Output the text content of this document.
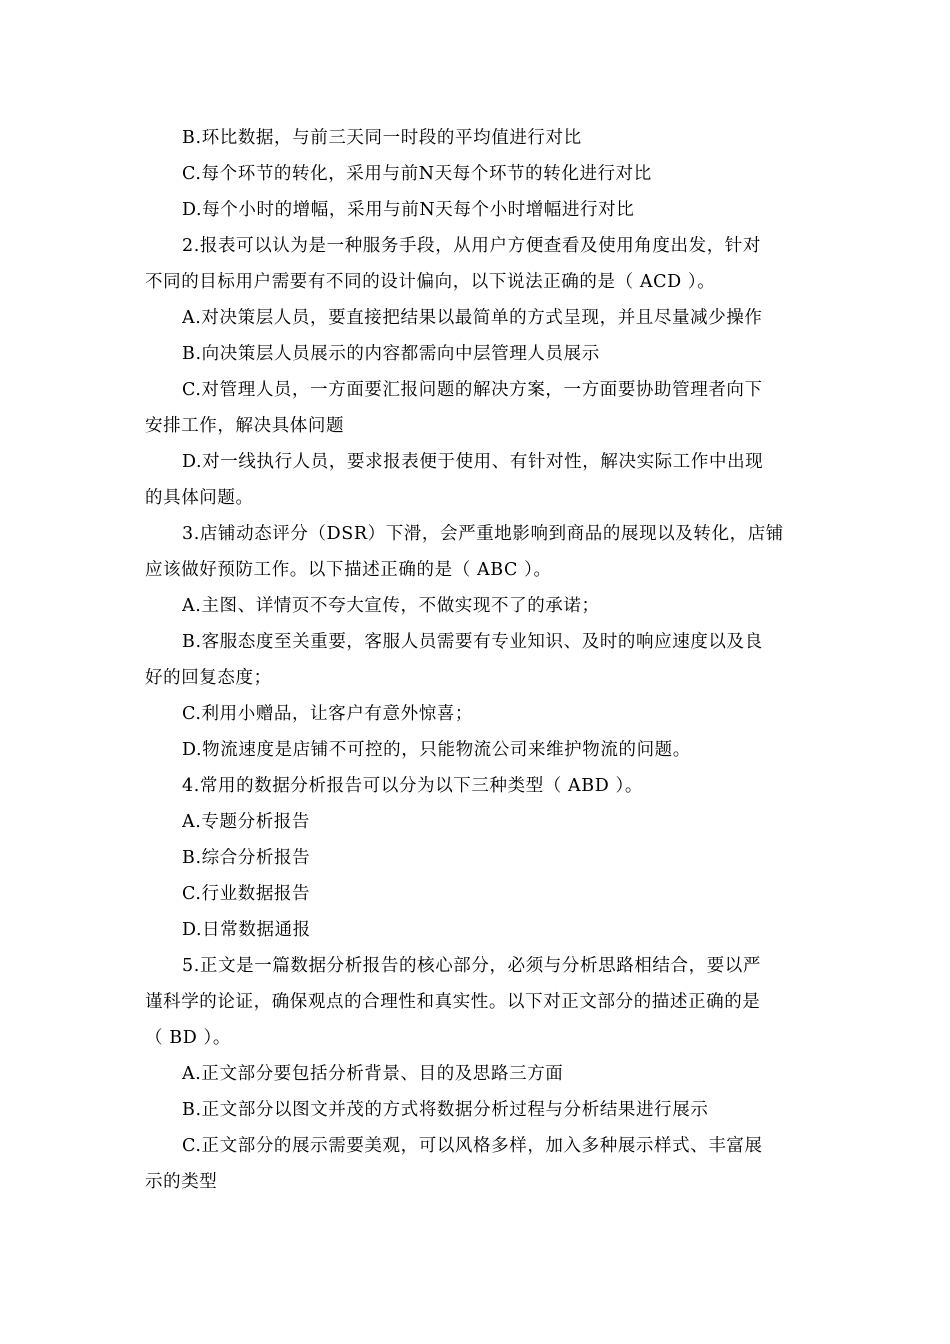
B.环比数据，与前三天同一时段的平均值进行对比
C.每个环节的转化，采用与前N天每个环节的转化进行对比
D.每个小时的增幅，采用与前N天每个小时增幅进行对比
2.报表可以认为是一种服务手段，从用户方便查看及使用角度出发，针对
不同的目标用户需要有不同的设计偏向，以下说法正确的是（ ACD ）。
A.对决策层人员，要直接把结果以最简单的方式呈现，并且尽量减少操作
B.向决策层人员展示的内容都需向中层管理人员展示
C.对管理人员，一方面要汇报问题的解决方案，一方面要协助管理者向下
安排工作，解决具体问题
D.对一线执行人员，要求报表便于使用、有针对性，解决实际工作中出现
的具体问题。
3.店铺动态评分（DSR）下滑，会严重地影响到商品的展现以及转化，店铺
应该做好预防工作。以下描述正确的是（ ABC ）。
A.主图、详情页不夸大宣传，不做实现不了的承诺；
B.客服态度至关重要，客服人员需要有专业知识、及时的响应速度以及良
好的回复态度；
C.利用小赠品，让客户有意外惊喜；
D.物流速度是店铺不可控的，只能物流公司来维护物流的问题。
4.常用的数据分析报告可以分为以下三种类型（ ABD ）。
A.专题分析报告
B.综合分析报告
C.行业数据报告
D.日常数据通报
5.正文是一篇数据分析报告的核心部分，必须与分析思路相结合，要以严
谨科学的论证，确保观点的合理性和真实性。以下对正文部分的描述正确的是
（ BD ）。
A.正文部分要包括分析背景、目的及思路三方面
B.正文部分以图文并茂的方式将数据分析过程与分析结果进行展示
C.正文部分的展示需要美观，可以风格多样，加入多种展示样式、丰富展
示的类型
